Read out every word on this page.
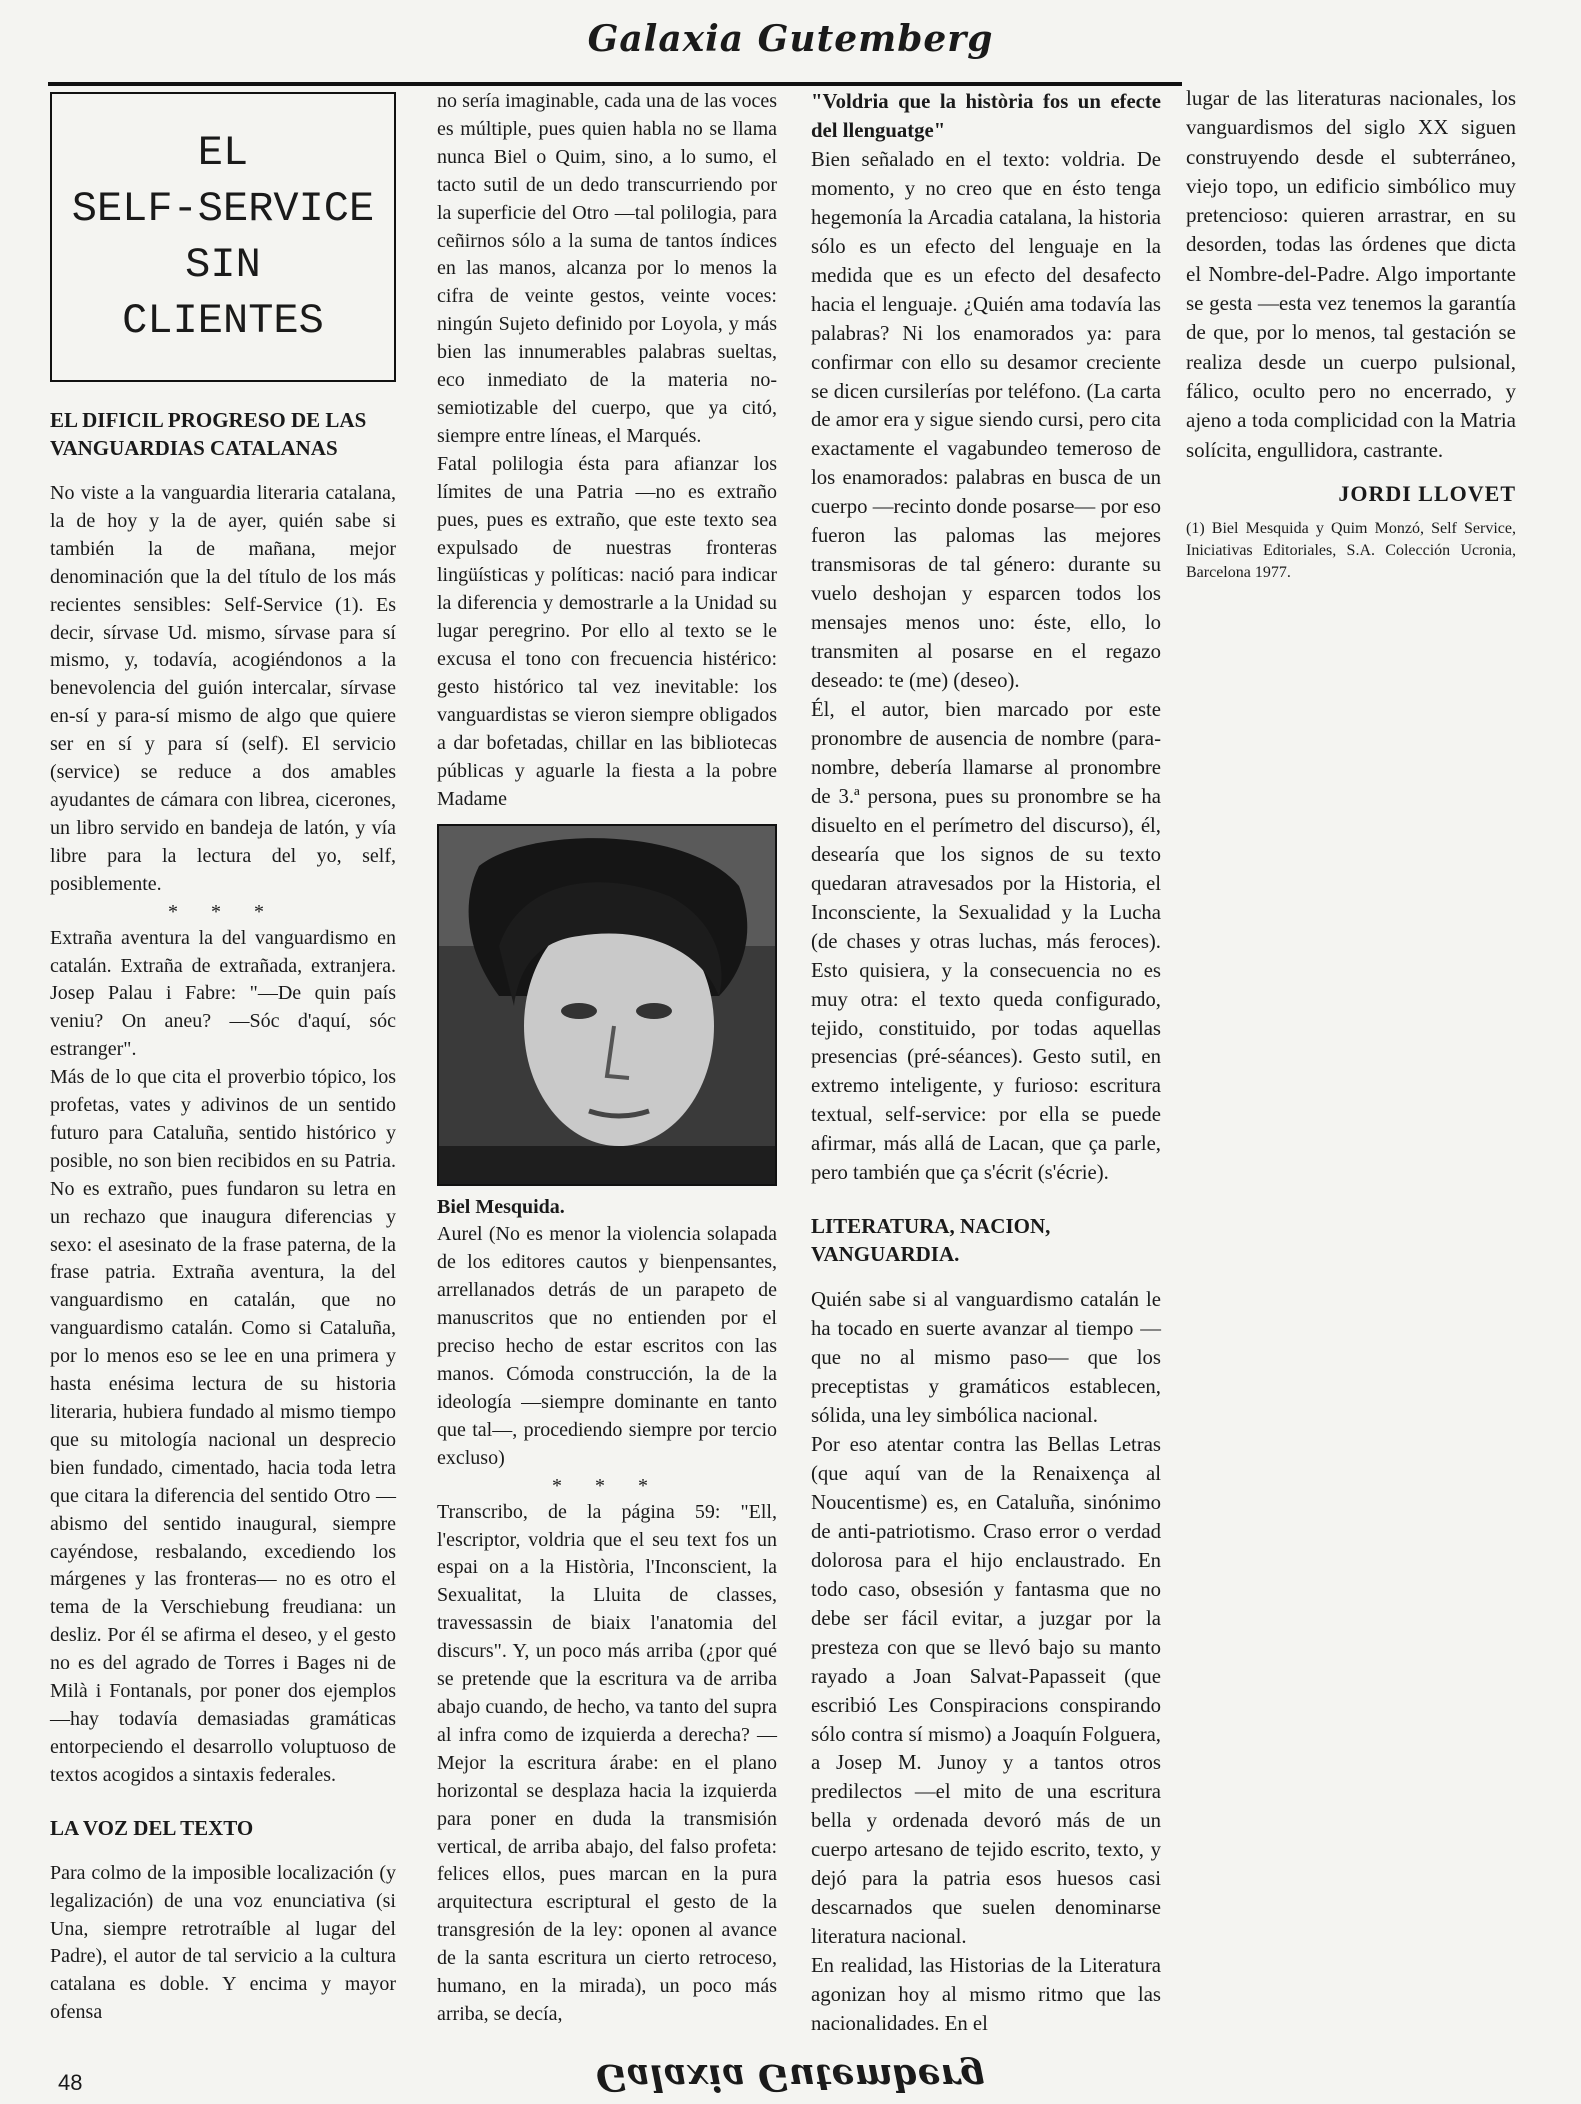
Galaxia Gutemberg
EL
SELF-SERVICE
SIN
CLIENTES

EL DIFICIL PROGRESO DE LAS VANGUARDIAS CATALANAS

No viste a la vanguardia literaria catalana, la de hoy y la de ayer, quién sabe si también la de mañana, mejor denominación que la del título de los más recientes sensibles: Self-Service (1). Es decir, sírvase Ud. mismo, sírvase para sí mismo, y, todavía, acogiéndonos a la benevolencia del guión intercalar, sírvase en-sí y para-sí mismo de algo que quiere ser en sí y para sí (self). El servicio (service) se reduce a dos amables ayudantes de cámara con librea, cicerones, un libro servido en bandeja de latón, y vía libre para la lectura del yo, self, posiblemente.

* * *

Extraña aventura la del vanguardismo en catalán. Extraña de extrañada, extranjera. Josep Palau i Fabre: "—De quin país veniu? On aneu? —Sóc d'aquí, sóc estranger".

Más de lo que cita el proverbio tópico, los profetas, vates y adivinos de un sentido futuro para Cataluña, sentido histórico y posible, no son bien recibidos en su Patria. No es extraño, pues fundaron su letra en un rechazo que inaugura diferencias y sexo: el asesinato de la frase paterna, de la frase patria. Extraña aventura, la del vanguardismo en catalán, que no vanguardismo catalán. Como si Cataluña, por lo menos eso se lee en una primera y hasta enésima lectura de su historia literaria, hubiera fundado al mismo tiempo que su mitología nacional un desprecio bien fundado, cimentado, hacia toda letra que citara la diferencia del sentido Otro —abismo del sentido inaugural, siempre cayéndose, resbalando, excediendo los márgenes y las fronteras— no es otro el tema de la Verschiebung freudiana: un desliz. Por él se afirma el deseo, y el gesto no es del agrado de Torres i Bages ni de Milà i Fontanals, por poner dos ejemplos —hay todavía demasiadas gramáticas entorpeciendo el desarrollo voluptuoso de textos acogidos a sintaxis federales.

LA VOZ DEL TEXTO

Para colmo de la imposible localización (y legalización) de una voz enunciativa (si Una, siempre retrotraíble al lugar del Padre), el autor de tal servicio a la cultura catalana es doble. Y encima y mayor ofensa

no sería imaginable, cada una de las voces es múltiple, pues quien habla no se llama nunca Biel o Quim, sino, a lo sumo, el tacto sutil de un dedo transcurriendo por la superficie del Otro —tal polilogia, para ceñirnos sólo a la suma de tantos índices en las manos, alcanza por lo menos la cifra de veinte gestos, veinte voces: ningún Sujeto definido por Loyola, y más bien las innumerables palabras sueltas, eco inmediato de la materia no-semiotizable del cuerpo, que ya citó, siempre entre líneas, el Marqués.

Fatal polilogia ésta para afianzar los límites de una Patria —no es extraño pues, pues es extraño, que este texto sea expulsado de nuestras fronteras lingüísticas y políticas: nació para indicar la diferencia y demostrarle a la Unidad su lugar peregrino. Por ello al texto se le excusa el tono con frecuencia histérico: gesto histórico tal vez inevitable: los vanguardistas se vieron siempre obligados a dar bofetadas, chillar en las bibliotecas públicas y aguarle la fiesta a la pobre Madame

Biel Mesquida.

Aurel (No es menor la violencia solapada de los editores cautos y bienpensantes, arrellanados detrás de un parapeto de manuscritos que no entienden por el preciso hecho de estar escritos con las manos. Cómoda construcción, la de la ideología —siempre dominante en tanto que tal—, procediendo siempre por tercio excluso)

* * *

Transcribo, de la página 59: "Ell, l'escriptor, voldria que el seu text fos un espai on a la Història, l'Inconscient, la Sexualitat, la Lluita de classes, travessassin de biaix l'anatomia del discurs". Y, un poco más arriba (¿por qué se pretende que la escritura va de arriba abajo cuando, de hecho, va tanto del supra al infra como de izquierda a derecha? —Mejor la escritura árabe: en el plano horizontal se desplaza hacia la izquierda para poner en duda la transmisión vertical, de arriba abajo, del falso profeta: felices ellos, pues marcan en la pura arquitectura escriptural el gesto de la transgresión de la ley: oponen al avance de la santa escritura un cierto retroceso, humano, en la mirada), un poco más arriba, se decía,

"Voldria que la història fos un efecte del llenguatge"

Bien señalado en el texto: voldria. De momento, y no creo que en ésto tenga hegemonía la Arcadia catalana, la historia sólo es un efecto del lenguaje en la medida que es un efecto del desafecto hacia el lenguaje. ¿Quién ama todavía las palabras? Ni los enamorados ya: para confirmar con ello su desamor creciente se dicen cursilerías por teléfono. (La carta de amor era y sigue siendo cursi, pero cita exactamente el vagabundeo temeroso de los enamorados: palabras en busca de un cuerpo —recinto donde posarse— por eso fueron las palomas las mejores transmisoras de tal género: durante su vuelo deshojan y esparcen todos los mensajes menos uno: éste, ello, lo transmiten al posarse en el regazo deseado: te (me) (deseo).

Él, el autor, bien marcado por este pronombre de ausencia de nombre (para-nombre, debería llamarse al pronombre de 3.ª persona, pues su pronombre se ha disuelto en el perímetro del discurso), él, desearía que los signos de su texto quedaran atravesados por la Historia, el Inconsciente, la Sexualidad y la Lucha (de chases y otras luchas, más feroces). Esto quisiera, y la consecuencia no es muy otra: el texto queda configurado, tejido, constituido, por todas aquellas presencias (pré-séances). Gesto sutil, en extremo inteligente, y furioso: escritura textual, self-service: por ella se puede afirmar, más allá de Lacan, que ça parle, pero también que ça s'écrit (s'écrie).

LITERATURA, NACION, VANGUARDIA.

Quién sabe si al vanguardismo catalán le ha tocado en suerte avanzar al tiempo —que no al mismo paso— que los preceptistas y gramáticos establecen, sólida, una ley simbólica nacional.

Por eso atentar contra las Bellas Letras (que aquí van de la Renaixença al Noucentisme) es, en Cataluña, sinónimo de anti-patriotismo. Craso error o verdad dolorosa para el hijo enclaustrado. En todo caso, obsesión y fantasma que no debe ser fácil evitar, a juzgar por la presteza con que se llevó bajo su manto rayado a Joan Salvat-Papasseit (que escribió Les Conspiracions conspirando sólo contra sí mismo) a Joaquín Folguera, a Josep M. Junoy y a tantos otros predilectos —el mito de una escritura bella y ordenada devoró más de un cuerpo artesano de tejido escrito, texto, y dejó para la patria esos huesos casi descarnados que suelen denominarse literatura nacional.

En realidad, las Historias de la Literatura agonizan hoy al mismo ritmo que las nacionalidades. En el

lugar de las literaturas nacionales, los vanguardismos del siglo XX siguen construyendo desde el subterráneo, viejo topo, un edificio simbólico muy pretencioso: quieren arrastrar, en su desorden, todas las órdenes que dicta el Nombre-del-Padre. Algo importante se gesta —esta vez tenemos la garantía de que, por lo menos, tal gestación se realiza desde un cuerpo pulsional, fálico, oculto pero no encerrado, y ajeno a toda complicidad con la Matria solícita, engullidora, castrante.

JORDI LLOVET

(1) Biel Mesquida y Quim Monzó, Self Service, Iniciativas Editoriales, S.A. Colección Ucronia, Barcelona 1977.

48	Galaxia Gutemberg
